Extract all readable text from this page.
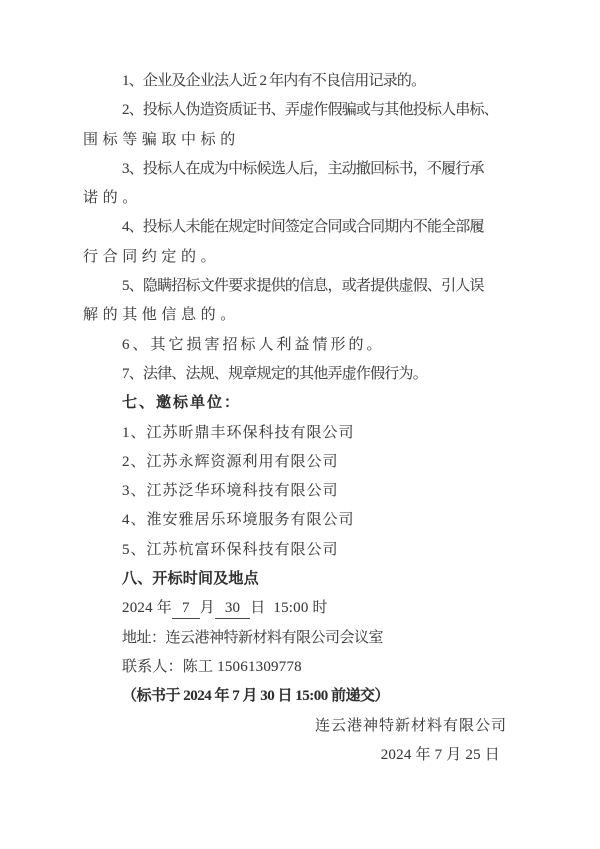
1、企业及企业法人近 2 年内有不良信用记录的。
2、投标人伪造资质证书、弄虚作假骗或与其他投标人串标、
围标等骗取中标的
3、投标人在成为中标候选人后，主动撤回标书，不履行承
诺的。
4、投标人未能在规定时间签定合同或合同期内不能全部履
行合同约定的。
5、隐瞒招标文件要求提供的信息，或者提供虚假、引人误
解的其他信息的。
6、其它损害招标人利益情形的。
7、法律、法规、规章规定的其他弄虚作假行为。
七、邀标单位：
1、江苏昕鼎丰环保科技有限公司
2、江苏永辉资源利用有限公司
3、江苏泛华环境科技有限公司
4、淮安雅居乐环境服务有限公司
5、江苏杭富环保科技有限公司
八、开标时间及地点
2024 年 7 月 30 日  15:00 时
地址：连云港神特新材料有限公司会议室
联系人：陈工 15061309778
（标书于 2024 年 7 月 30 日 15:00 前递交）
连云港神特新材料有限公司
2024 年 7 月 25 日
